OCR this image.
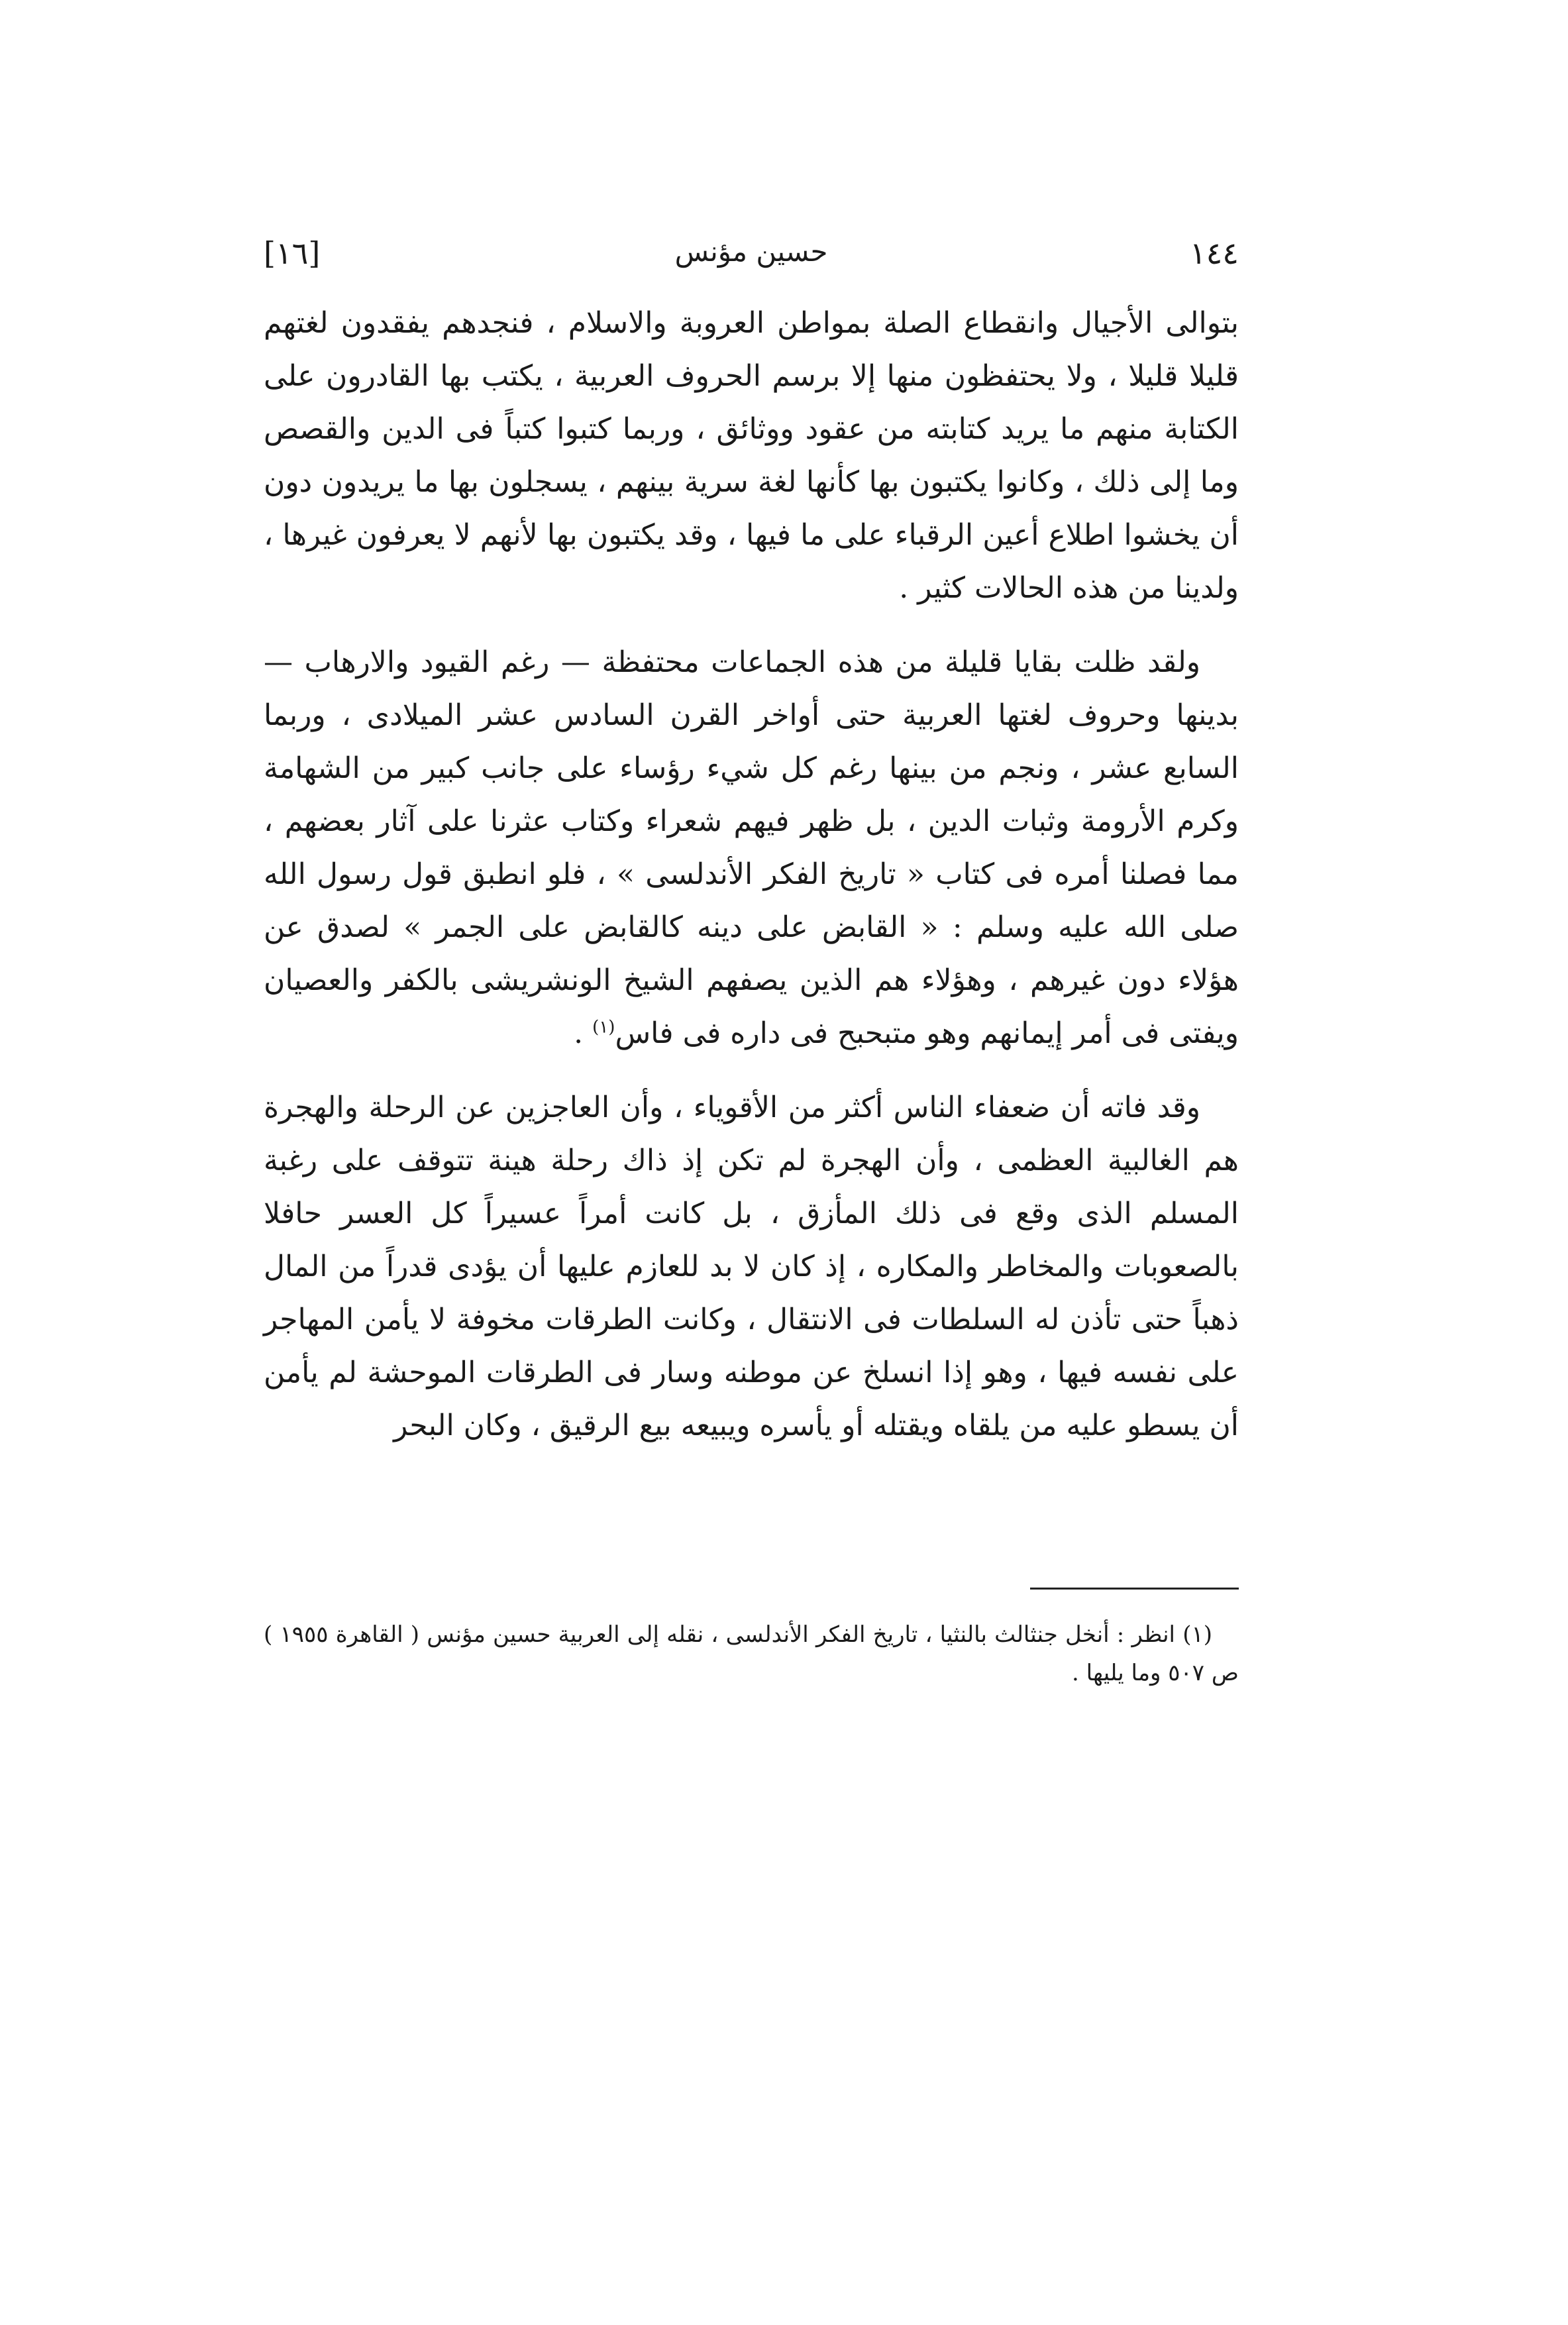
١٤٤
حسين مؤنس
[١٦]

بتوالى الأجيال وانقطاع الصلة بمواطن العروبة والاسلام ، فنجدهم يفقدون لغتهم قليلا قليلا ، ولا يحتفظون منها إلا برسم الحروف العربية ، يكتب بها القادرون على الكتابة منهم ما يريد كتابته من عقود ووثائق ، وربما كتبوا كتباً فى الدين والقصص وما إلى ذلك ، وكانوا يكتبون بها كأنها لغة سرية بينهم ، يسجلون بها ما يريدون دون أن يخشوا اطلاع أعين الرقباء على ما فيها ، وقد يكتبون بها لأنهم لا يعرفون غيرها ، ولدينا من هذه الحالات كثير .

ولقد ظلت بقايا قليلة من هذه الجماعات محتفظة — رغم القيود والارهاب — بدينها وحروف لغتها العربية حتى أواخر القرن السادس عشر الميلادى ، وربما السابع عشر ، ونجم من بينها رغم كل شيء رؤساء على جانب كبير من الشهامة وكرم الأرومة وثبات الدين ، بل ظهر فيهم شعراء وكتاب عثرنا على آثار بعضهم ، مما فصلنا أمره فى كتاب « تاريخ الفكر الأندلسى » ، فلو انطبق قول رسول الله صلى الله عليه وسلم : « القابض على دينه كالقابض على الجمر » لصدق عن هؤلاء دون غيرهم ، وهؤلاء هم الذين يصفهم الشيخ الونشريشى بالكفر والعصيان ويفتى فى أمر إيمانهم وهو متبحبح فى داره فى فاس$^{(١)}$ .

وقد فاته أن ضعفاء الناس أكثر من الأقوياء ، وأن العاجزين عن الرحلة والهجرة هم الغالبية العظمى ، وأن الهجرة لم تكن إذ ذاك رحلة هينة تتوقف على رغبة المسلم الذى وقع فى ذلك المأزق ، بل كانت أمراً عسيراً كل العسر حافلا بالصعوبات والمخاطر والمكاره ، إذ كان لا بد للعازم عليها أن يؤدى قدراً من المال ذهباً حتى تأذن له السلطات فى الانتقال ، وكانت الطرقات مخوفة لا يأمن المهاجر على نفسه فيها ، وهو إذا انسلخ عن موطنه وسار فى الطرقات الموحشة لم يأمن أن يسطو عليه من يلقاه ويقتله أو يأسره ويبيعه بيع الرقيق ، وكان البحر

(١) انظر : أنخل جنثالث بالنثيا ، تاريخ الفكر الأندلسى ، نقله إلى العربية حسين مؤنس ( القاهرة ١٩٥٥ ) ص ٥٠٧ وما يليها .
